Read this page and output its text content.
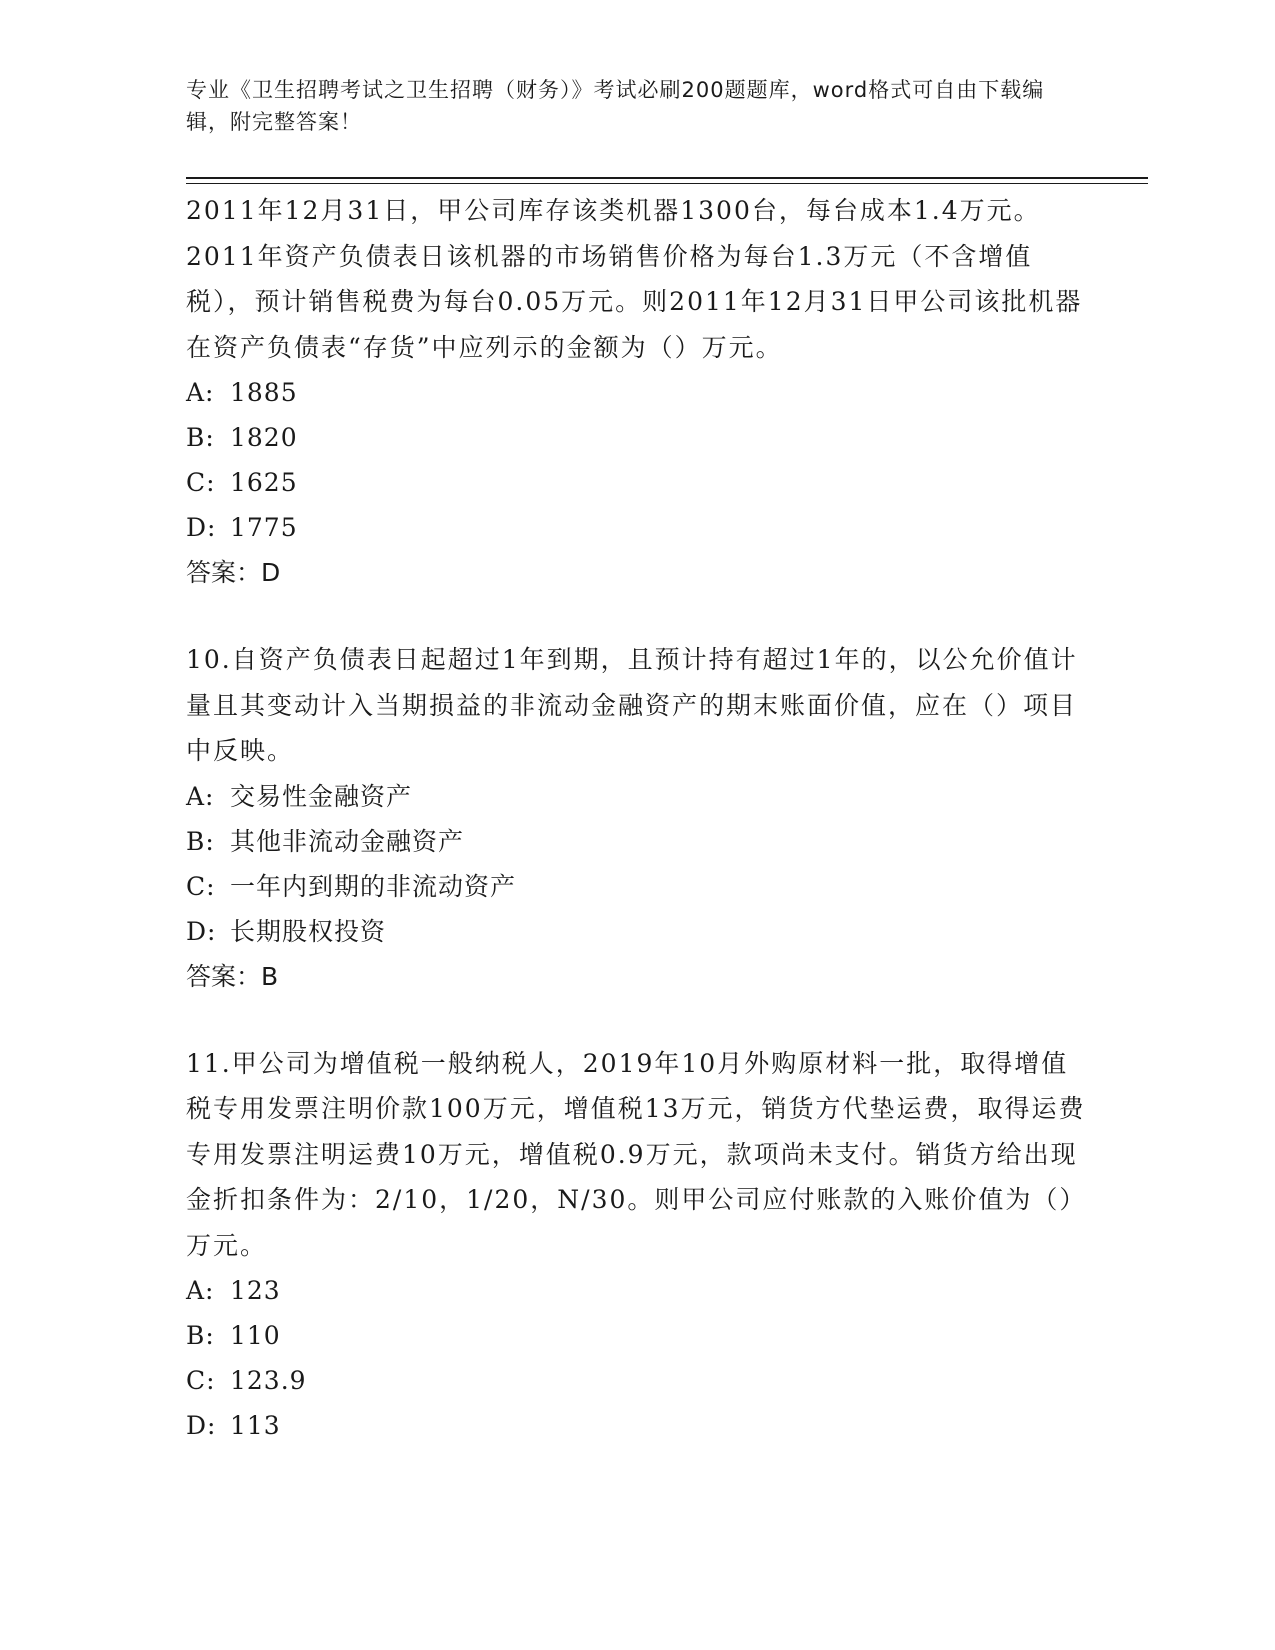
专业《卫生招聘考试之卫生招聘（财务）》考试必刷200题题库，word格式可自由下载编辑，附完整答案！

2011年12月31日，甲公司库存该类机器1300台，每台成本1.4万元。2011年资产负债表日该机器的市场销售价格为每台1.3万元（不含增值税），预计销售税费为每台0.05万元。则2011年12月31日甲公司该批机器在资产负债表“存货”中应列示的金额为（）万元。

A: 1885

B: 1820

C: 1625

D: 1775

答案：D

10.自资产负债表日起超过1年到期，且预计持有超过1年的，以公允价值计量且其变动计入当期损益的非流动金融资产的期末账面价值，应在（）项目中反映。

A: 交易性金融资产

B: 其他非流动金融资产

C: 一年内到期的非流动资产

D: 长期股权投资

答案：B

11.甲公司为增值税一般纳税人，2019年10月外购原材料一批，取得增值税专用发票注明价款100万元，增值税13万元，销货方代垫运费，取得运费专用发票注明运费10万元，增值税0.9万元，款项尚未支付。销货方给出现金折扣条件为：2/10，1/20，N/30。则甲公司应付账款的入账价值为（）万元。

A: 123

B: 110

C: 123.9

D: 113
